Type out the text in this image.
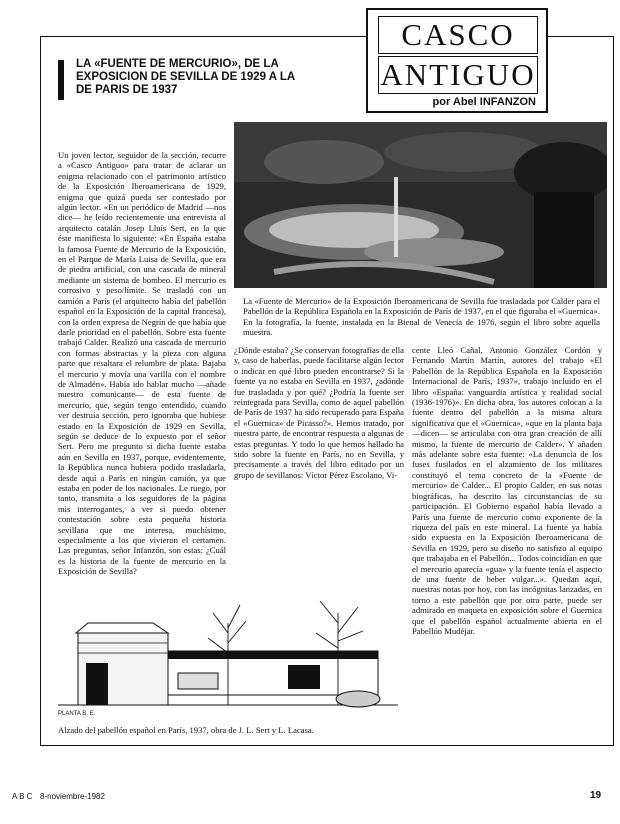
CASCO
ANTIGUO
por Abel INFANZON
LA «FUENTE DE MERCURIO», DE LA EXPOSICION DE SEVILLA DE 1929 A LA DE PARIS DE 1937
Un joven lector, seguidor de la sección, recurre a «Casco Antiguo» para tratar de aclarar un enigma relacionado con el patrimonio artístico de la Exposición Iberoamericana de 1929, enigma que quizá pueda ser contestado por algún lector. «En un periódico de Madrid —nos dice— he leído recientemente una entrevista al arquitecto catalán Josep Lluís Sert, en la que éste manifiesta lo siguiente: «En España estaba la famosa Fuente de Mercurio de la Exposición, en el Parque de María Luisa de Sevilla, que era de piedra artificial, con una cascada de mineral mediante un sistema de bombeo. El mercurio es corrosivo y peso/límite. Se trasladó con un camión a París (el arquitecto había del pabellón español en la Exposición de la capital francesa), con la orden expresa de Negrín de que había que darle prioridad en el pabellón. Sobre esta fuente trabajó Calder. Realizó una cascada de mercurio con formas abstractas y la pieza con alguna parte que resaltara el relumbre de plata. Bajaba el mercurio y movía una varilla con el nombre de Almadén». Había ido hablar mucho —añade nuestro comunicante— de esta fuente de mercurio, que, según tengo entendido, cuando ver destruía sección, pero ignoraba que hubiese estado en la Exposición de 1929 en Sevilla, según se deduce de lo expuesto por el señor Sert. Pero me pregunto si dicha fuente estaba aún en Sevilla en 1937, porque, evidentemente, la República nunca hubiera podido trasladarla, desde aquí a París en ningún camión, ya que estaba en poder de los nacionales. Le ruego, por tanto, transmita a los seguidores de la página mis interrogantes, a ver si puedo obtener contestación sobre esta pequeña historia sevillana que me interesa, muchísimo, especialmente a los que vivieron el certamen. Las preguntas, señor Infanzón, son estas: ¿Cuál es la historia de la fuente de mercurio en la Exposición de Sevilla?
La «Fuente de Mercurio» de la Exposición Iberoamericana de Sevilla fue trasladada por Calder para el Pabellón de la República Española en la Exposición de París de 1937, en el que figuraba el «Guernica». En la fotografía, la fuente, instalada en la Bienal de Venecia de 1976, según el libro sobre aquella muestra.
¿Dónde estaba? ¿Se conservan fotografías de ella y, caso de haberlas, puede facilitarse algún lector o indicar en qué libro pueden encontrarse? Si la fuente ya no estaba en Sevilla en 1937, ¿adónde fue trasladada y por qué? ¿Podría la fuente ser reintegrada para Sevilla, como de aquel pabellón de París de 1937 ha sido recuperado para España el «Guernica» de Picasso?». Hemos tratado, por nuestra parte, de encontrar respuesta a algunas de estas preguntas. Y todo lo que hemos hallado ha sido sobre la fuente en París, no en Sevilla, y precisamente a través del libro editado por un grupo de sevillanos: Víctor Pérez Escolano, Vi-
cente Lleó Cañal, Antonio González Cordón y Fernando Martín Martín, autores del trabajo «El Pabellón de la República Española en la Exposición Internacional de París, 1937», trabajo incluido en el libro «España: vanguardia artística y realidad social (1936-1976)». En dicha obra, los autores colocan a la fuente dentro del pabellón a la misma altura significativa que el «Guernica», «que en la planta baja —dicen— se articulaba con otra gran creación de allí mismo, la fuente de mercurio de Calder». Y añaden más adelante sobre esta fuente: «La denuncia de los fuses fusilados en el alzamiento de los militares constituyó el tema concreto de la «Fuente de mercurio» de Calder... El propio Calder, en sus notas biográficas, ha descrito las circunstancias de su participación. El Gobierno español había llevado a París una fuente de mercurio como exponente de la riqueza del país en este mineral. La fuente ya había sido expuesta en la Exposición Iberoamericana de Sevilla en 1929, pero su diseño no satisfizo al equipo que trabajaba en el Pabellón... Todos coincidían en que el mercurio aparecía «gua» y la fuente tenía el aspecto de una fuente de beber vulgar...». Quedan aquí, nuestras notas por hoy, con las incógnitas lanzadas, en torno a este pabellón que por otra parte, puede ser admirado en maqueta en exposición sobre el Guernica que el pabellón español actualmente abierta en el Pabellón Mudéjar.
PLANTA B. E.
Alzado del pabellón español en París, 1937, obra de J. L. Sert y L. Lacasa.
A B C 8-noviembre-1982	19
